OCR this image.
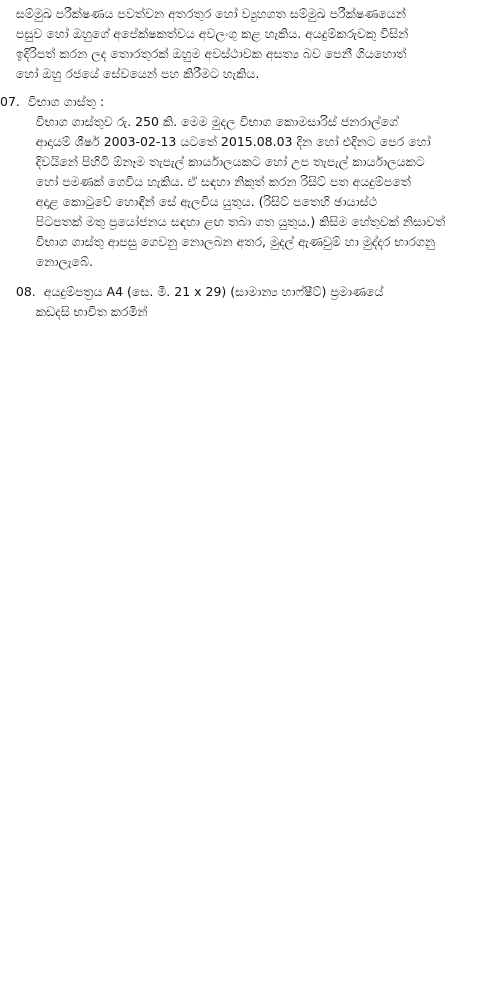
සම්මුඛ පරීක්ෂණය පවත්වන අතරතුර හෝ ව්‍යුහගත සම්මුඛ පරීක්ෂණයෙන්
පසුව හෝ ඔහුගේ අපේක්ෂකත්වය අවලංගු කළ හැකිය. අයදුම්කරුවකු විසින්
ඉදිරිපත් කරන ලද තොරතුරක් ඔහුම අවස්ථාවක අසත්‍ය බව පෙනී ගියහොත්
හෝ ඔහු රජයේ සේවයෙන් පහ කිරීමට හැකිය.
07. විභාග ගාස්තු :
විභාග ගාස්තුව රු. 250 කි. මෙම මුදල විභාග කොමසාරිස් ජනරාල්ගේ
ආදායම් ශීර්ෂ 2003-02-13 යටතේ 2015.08.03 දින හෝ එදිනට පෙර හෝ
දිවයිනේ පිහිටි ඕනෑම තැපැල් කාර්යාලයකට හෝ උප තැපැල් කාර්යාලයකට
හෝ පමණක් ගෙවිය හැකිය. ඒ සඳහා නිකුත් කරන රිසිට් පත අයදුම්පතේ
අදාළ කොටුවේ හොඳින් සේ ඇලවිය යුතුය. (රිසිට් පතෙහි ඡායාස්ථ
පිටපතක් මතු ප්‍රයෝජනය සඳහා ළඟ තබා ගත යුතුය.) කිසිම හේතුවක් නිසාවත්
විභාග ගාස්තු ආපසු ගෙවනු නොලබන අතර, මුදල් ඇණවුම් හා මුද්දර භාරගනු
නොලැබේ.
08.  අයදුම්පත්‍රය A4 (සෙ. මී. 21 x 29) (සාමාන්‍ය හාෆ්ෂීට්) ප්‍රමාණයේ
කඩදසි භාවිත කරමින්
